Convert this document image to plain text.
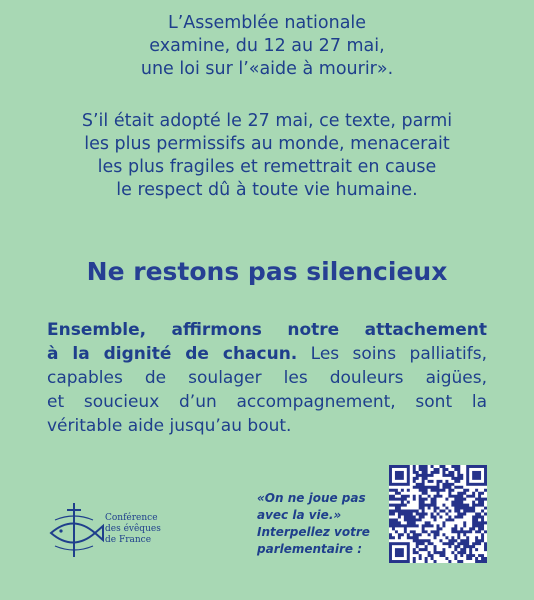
L’Assemblée nationale
examine, du 12 au 27 mai,
une loi sur l’«aide à mourir».
S’il était adopté le 27 mai, ce texte, parmi
les plus permissifs au monde, menacerait
les plus fragiles et remettrait en cause
le respect dû à toute vie humaine.
Ne restons pas silencieux
Ensemble, affirmons notre attachement
à la dignité de chacun. Les soins palliatifs,
capables de soulager les douleurs aigües,
et soucieux d’un accompagnement, sont la
véritable aide jusqu’au bout.
Conférence
des évêques
de France
«On ne joue pas
avec la vie.»
Interpellez votre
parlementaire :
